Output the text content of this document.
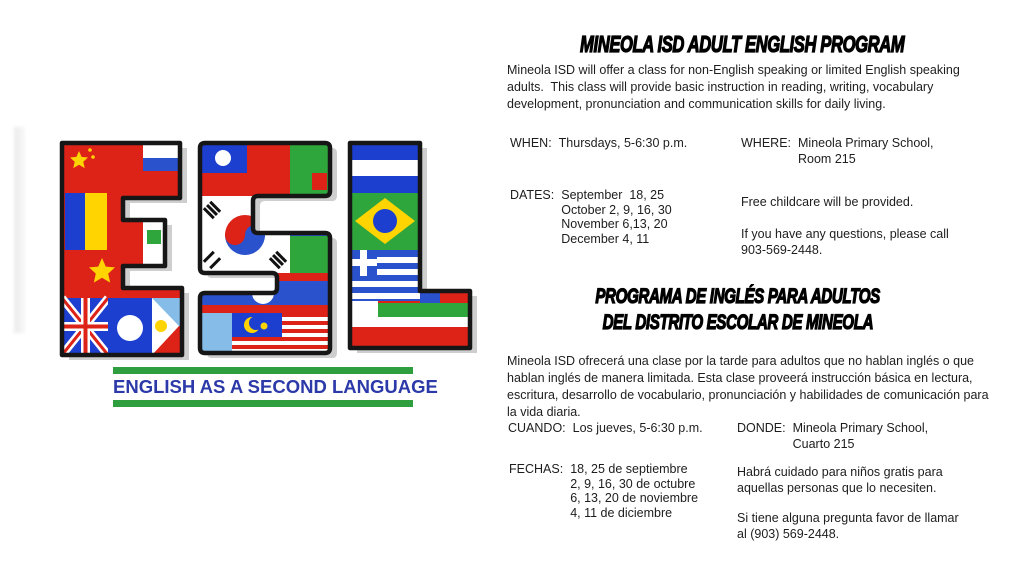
ENGLISH AS A SECOND LANGUAGE
MINEOLA ISD ADULT ENGLISH PROGRAM
Mineola ISD will offer a class for non-English speaking or limited English speaking
adults.  This class will provide basic instruction in reading, writing, vocabulary
development, pronunciation and communication skills for daily living.
WHEN: Thursdays, 5-6:30 p.m.	WHERE: Mineola Primary School,
Room 215
DATES: September  18, 25
October 2, 9, 16, 30
November 6,13, 20
December 4, 11
Free childcare will be provided.
If you have any questions, please call
903-569-2448.
PROGRAMA DE INGLÉS PARA ADULTOS
DEL DISTRITO ESCOLAR DE MINEOLA
Mineola ISD ofrecerá una clase por la tarde para adultos que no hablan inglés o que
hablan inglés de manera limitada. Esta clase proveerá instrucción básica en lectura,
escritura, desarrollo de vocabulario, pronunciación y habilidades de comunicación para
la vida diaria.
CUANDO: Los jueves, 5-6:30 p.m.	DONDE: Mineola Primary School,
Cuarto 215
FECHAS: 18, 25 de septiembre
2, 9, 16, 30 de octubre
6, 13, 20 de noviembre
4, 11 de diciembre
Habrá cuidado para niños gratis para
aquellas personas que lo necesiten.
Si tiene alguna pregunta favor de llamar
al (903) 569-2448.
